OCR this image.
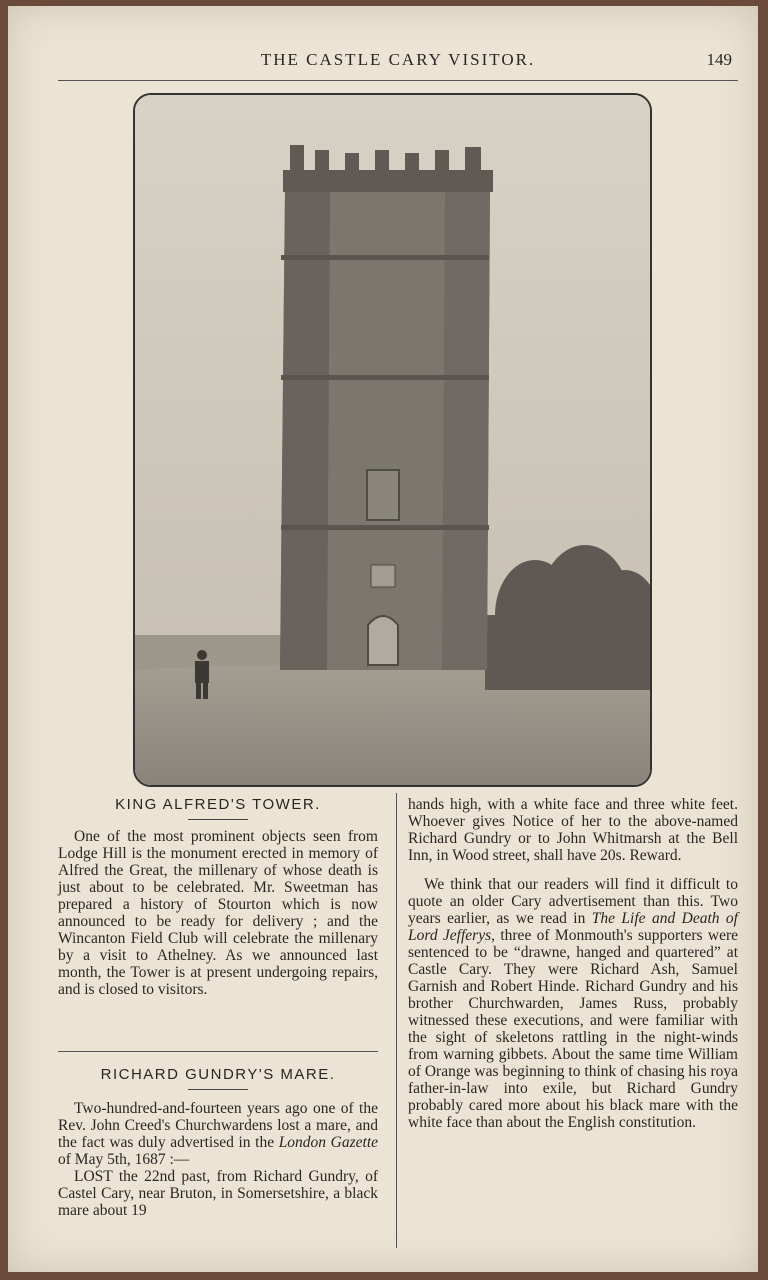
THE CASTLE CARY VISITOR.	149
KING ALFRED'S TOWER.

One of the most prominent objects seen from Lodge Hill is the monument erected in memory of Alfred the Great, the millenary of whose death is just about to be celebrated. Mr. Sweetman has prepared a history of Stourton which is now announced to be ready for delivery ; and the Wincanton Field Club will celebrate the millenary by a visit to Athelney. As we announced last month, the Tower is at present undergoing repairs, and is closed to visitors.

RICHARD GUNDRY'S MARE.

Two-hundred-and-fourteen years ago one of the Rev. John Creed's Churchwardens lost a mare, and the fact was duly advertised in the London Gazette of May 5th, 1687 :—

LOST the 22nd past, from Richard Gundry, of Castel Cary, near Bruton, in Somersetshire, a black mare about 19

hands high, with a white face and three white feet. Whoever gives Notice of her to the above-named Richard Gundry or to John Whitmarsh at the Bell Inn, in Wood street, shall have 20s. Reward.

We think that our readers will find it difficult to quote an older Cary advertisement than this. Two years earlier, as we read in The Life and Death of Lord Jefferys, three of Monmouth's supporters were sentenced to be “drawne, hanged and quartered” at Castle Cary. They were Richard Ash, Samuel Garnish and Robert Hinde. Richard Gundry and his brother Churchwarden, James Russ, probably witnessed these executions, and were familiar with the sight of skeletons rattling in the night-winds from warning gibbets. About the same time William of Orange was beginning to think of chasing his roya father-in-law into exile, but Richard Gundry probably cared more about his black mare with the white face than about the English constitution.
